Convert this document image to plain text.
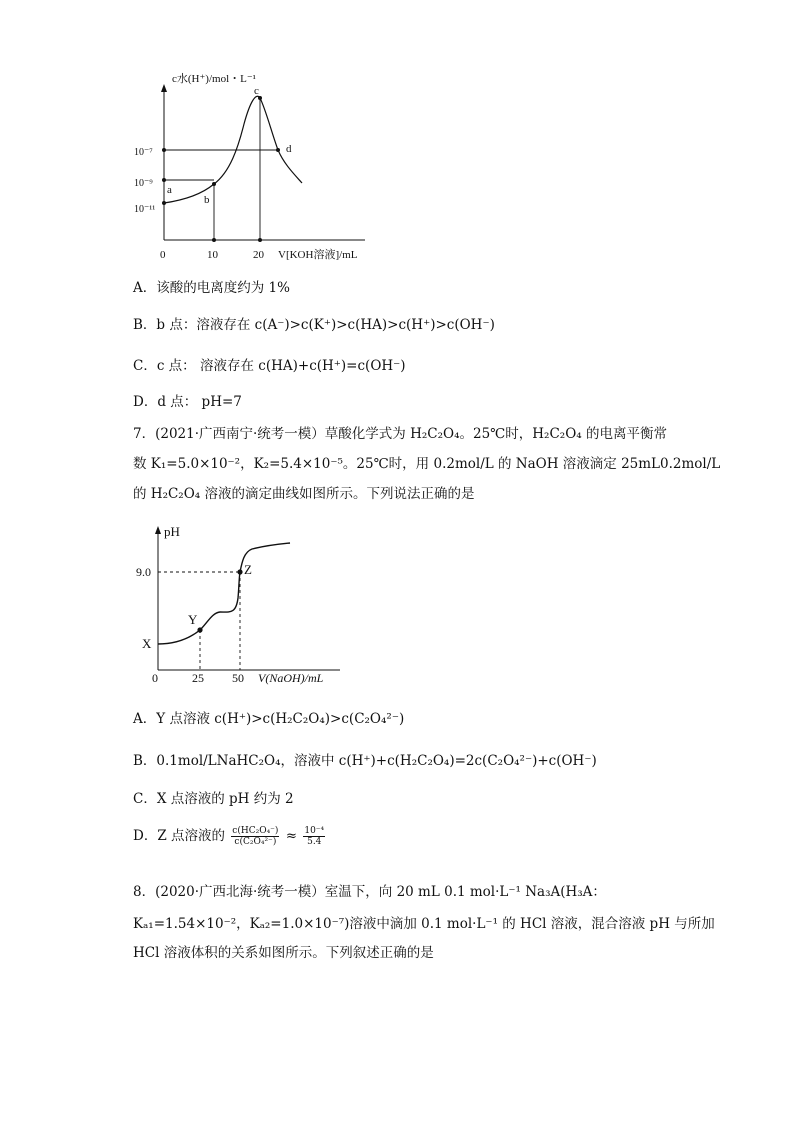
c水(H⁺)/mol・L⁻¹
10⁻⁷
10⁻⁹
10⁻¹¹
a
b
c
d
0	10	20 V[KOH溶液]/mL
A．该酸的电离度约为 1%
B．b 点：溶液存在 c(A⁻)>c(K⁺)>c(HA)>c(H⁺)>c(OH⁻)
C．c 点： 溶液存在 c(HA)+c(H⁺)=c(OH⁻)
D．d 点： pH=7
7．(2021·广西南宁·统考一模）草酸化学式为 H₂C₂O₄。25℃时，H₂C₂O₄ 的电离平衡常
数 K₁=5.0×10⁻²，K₂=5.4×10⁻⁵。25℃时，用 0.2mol/L 的 NaOH 溶液滴定 25mL0.2mol/L
的 H₂C₂O₄ 溶液的滴定曲线如图所示。下列说法正确的是
pH
9.0
X
Y
Z
0	25 50 V(NaOH)/mL
A．Y 点溶液 c(H⁺)>c(H₂C₂O₄)>c(C₂O₄²⁻)
B．0.1mol/LNaHC₂O₄，溶液中 c(H⁺)+c(H₂C₂O₄)=2c(C₂O₄²⁻)+c(OH⁻)
C．X 点溶液的 pH 约为 2
D．Z 点溶液的 $\frac{\text{c(HC₂O₄⁻)}}{\text{c(C₂O₄²⁻)}} \approx \frac{\text{10⁻⁴}}{5.4}$
8．(2020·广西北海·统考一模）室温下，向 20 mL 0.1 mol·L⁻¹ Na₃A(H₃A：
Kₐ₁=1.54×10⁻²，Kₐ₂=1.0×10⁻⁷)溶液中滴加 0.1 mol·L⁻¹ 的 HCl 溶液，混合溶液 pH 与所加
HCl 溶液体积的关系如图所示。下列叙述正确的是
